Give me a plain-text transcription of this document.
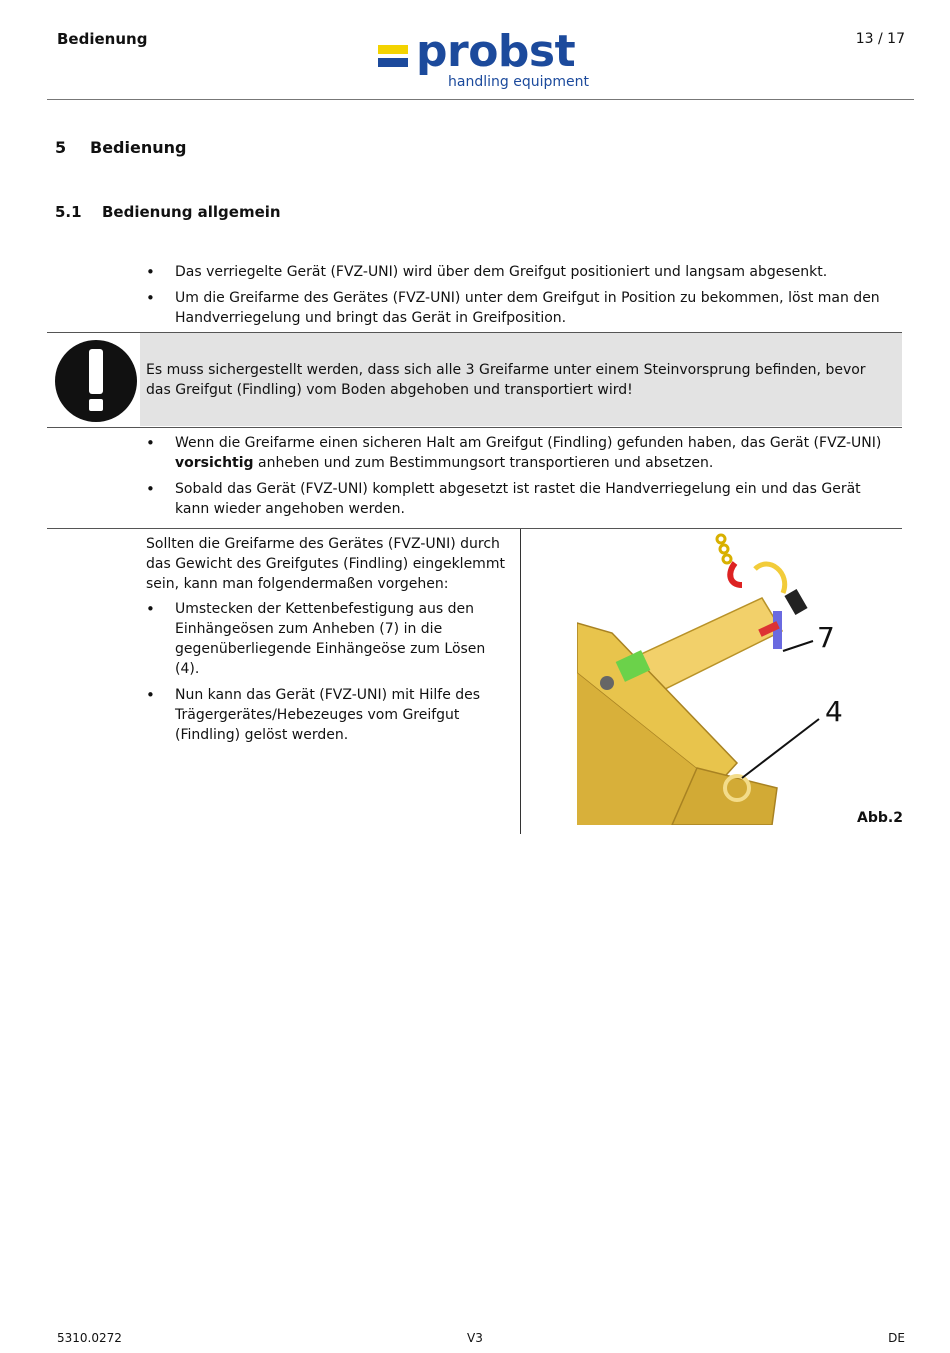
Bedienung	probst
handling equipment
13 / 17
5 Bedienung
5.1 Bedienung allgemein
• Das verriegelte Gerät (FVZ-UNI) wird über dem Greifgut positioniert und langsam abgesenkt.
• Um die Greifarme des Gerätes (FVZ-UNI) unter dem Greifgut in Position zu bekommen, löst man den Handverriegelung und bringt das Gerät in Greifposition.
Es muss sichergestellt werden, dass sich alle 3 Greifarme unter einem Steinvorsprung befinden, bevor das Greifgut (Findling) vom Boden abgehoben und transportiert wird!
• Wenn die Greifarme einen sicheren Halt am Greifgut (Findling) gefunden haben, das Gerät (FVZ-UNI) vorsichtig anheben und zum Bestimmungsort transportieren und absetzen.
• Sobald das Gerät (FVZ-UNI) komplett abgesetzt ist rastet die Handverriegelung ein und das Gerät kann wieder angehoben werden.
Sollten die Greifarme des Gerätes (FVZ-UNI) durch das Gewicht des Greifgutes (Findling) eingeklemmt sein, kann man folgendermaßen vorgehen:
• Umstecken der Kettenbefestigung aus den Einhängeösen zum Anheben (7) in die gegenüberliegende Einhängeöse zum Lösen (4).
• Nun kann das Gerät (FVZ-UNI) mit Hilfe des Trägergerätes/Hebezeuges vom Greifgut (Findling) gelöst werden.
7
4
Abb.2
5310.0272	V3	DE
